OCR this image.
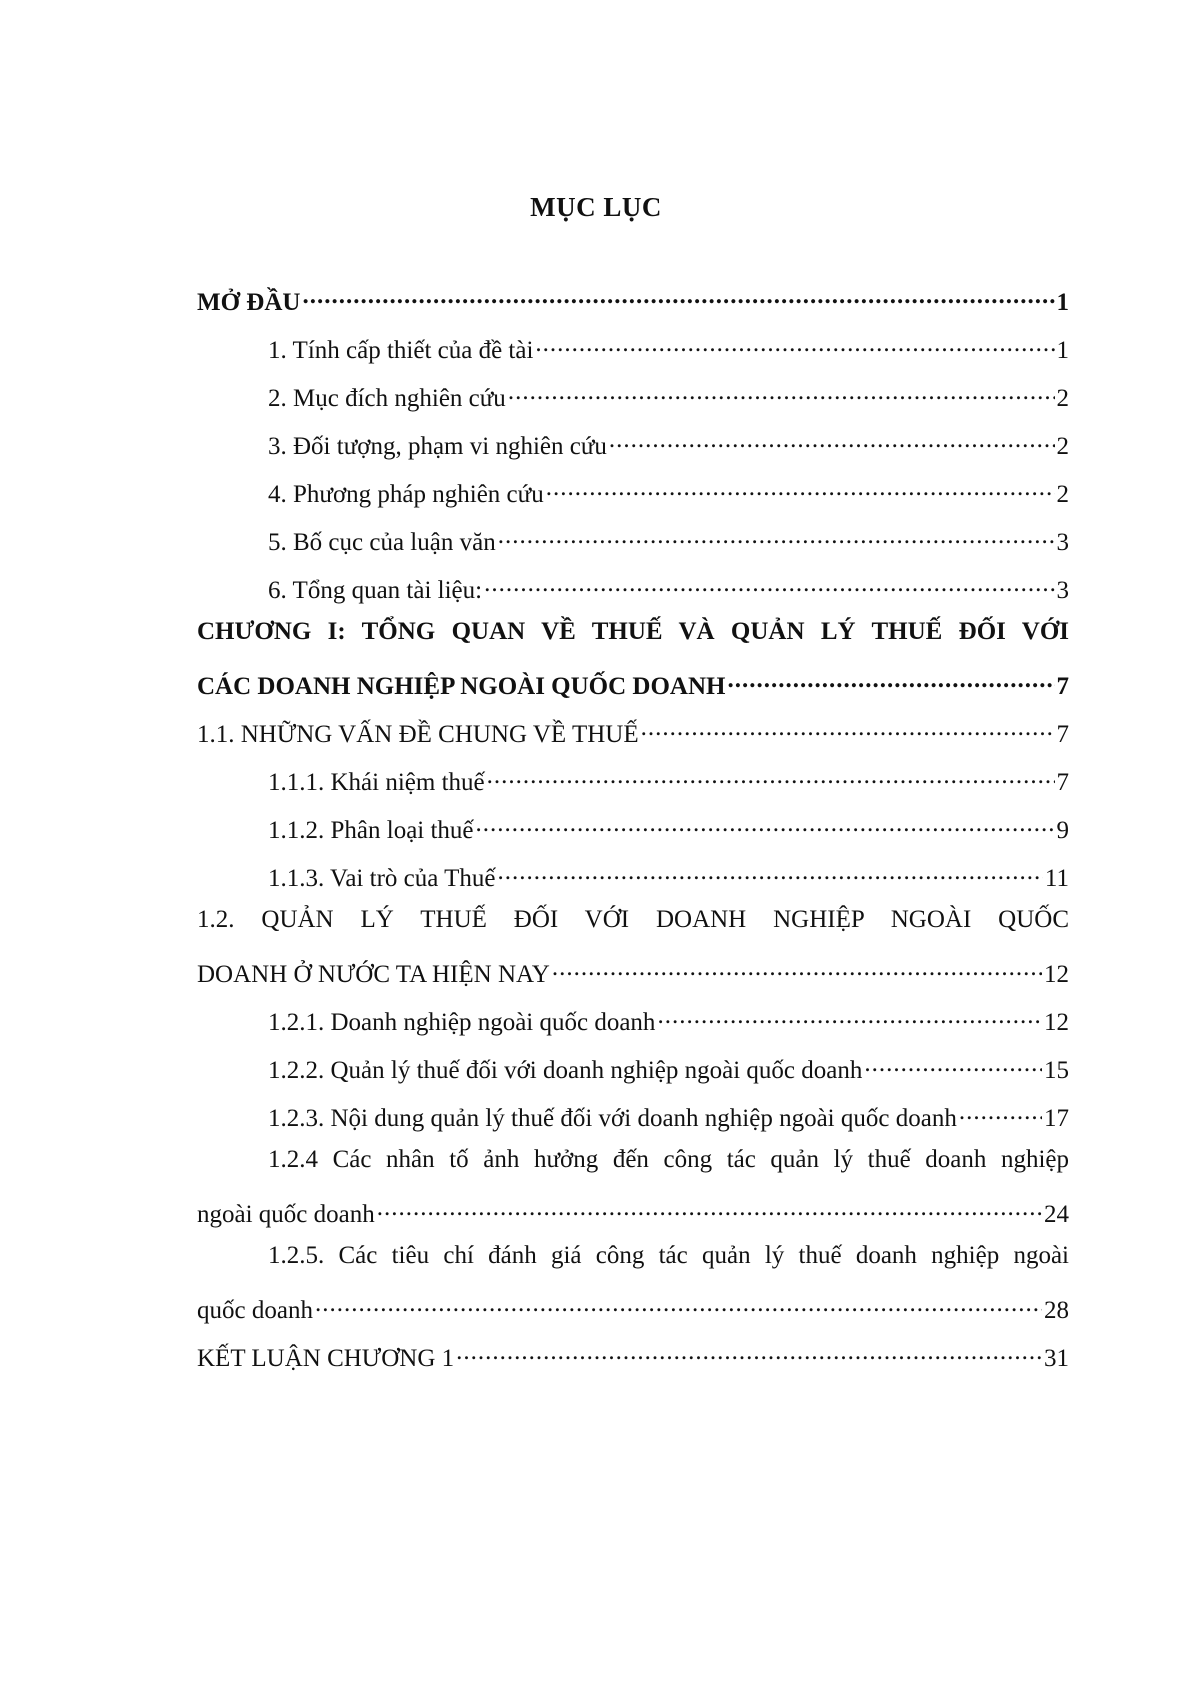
MỤC LỤC
MỞ ĐẦU .....	1
1. Tính cấp thiết của đề tài .....	1
2. Mục đích nghiên cứu .....	2
3. Đối tượng, phạm vi nghiên cứu .....	2
4. Phương pháp nghiên cứu .....	2
5. Bố cục của luận văn .....	3
6. Tổng quan tài liệu: .....	3
CHƯƠNG I: TỔNG QUAN VỀ THUẾ VÀ QUẢN LÝ THUẾ ĐỐI VỚI
CÁC DOANH NGHIỆP NGOÀI QUỐC DOANH .....	7
1.1. NHỮNG VẤN ĐỀ CHUNG VỀ THUẾ .....	7
1.1.1. Khái niệm thuế .....	7
1.1.2. Phân loại thuế .....	9
1.1.3. Vai trò của Thuế .....	11
1.2. QUẢN LÝ THUẾ ĐỐI VỚI DOANH NGHIỆP NGOÀI QUỐC
DOANH Ở NƯỚC TA HIỆN NAY .....	12
1.2.1. Doanh nghiệp ngoài quốc doanh .....	12
1.2.2. Quản lý thuế đối với doanh nghiệp ngoài quốc doanh .....	15
1.2.3. Nội dung quản lý thuế đối với doanh nghiệp ngoài quốc doanh .....	17
1.2.4 Các nhân tố ảnh hưởng đến công tác quản lý thuế doanh nghiệp
ngoài quốc doanh .....	24
1.2.5. Các tiêu chí đánh giá công tác quản lý thuế doanh nghiệp ngoài
quốc doanh .....	28
KẾT LUẬN CHƯƠNG 1 .....	31
